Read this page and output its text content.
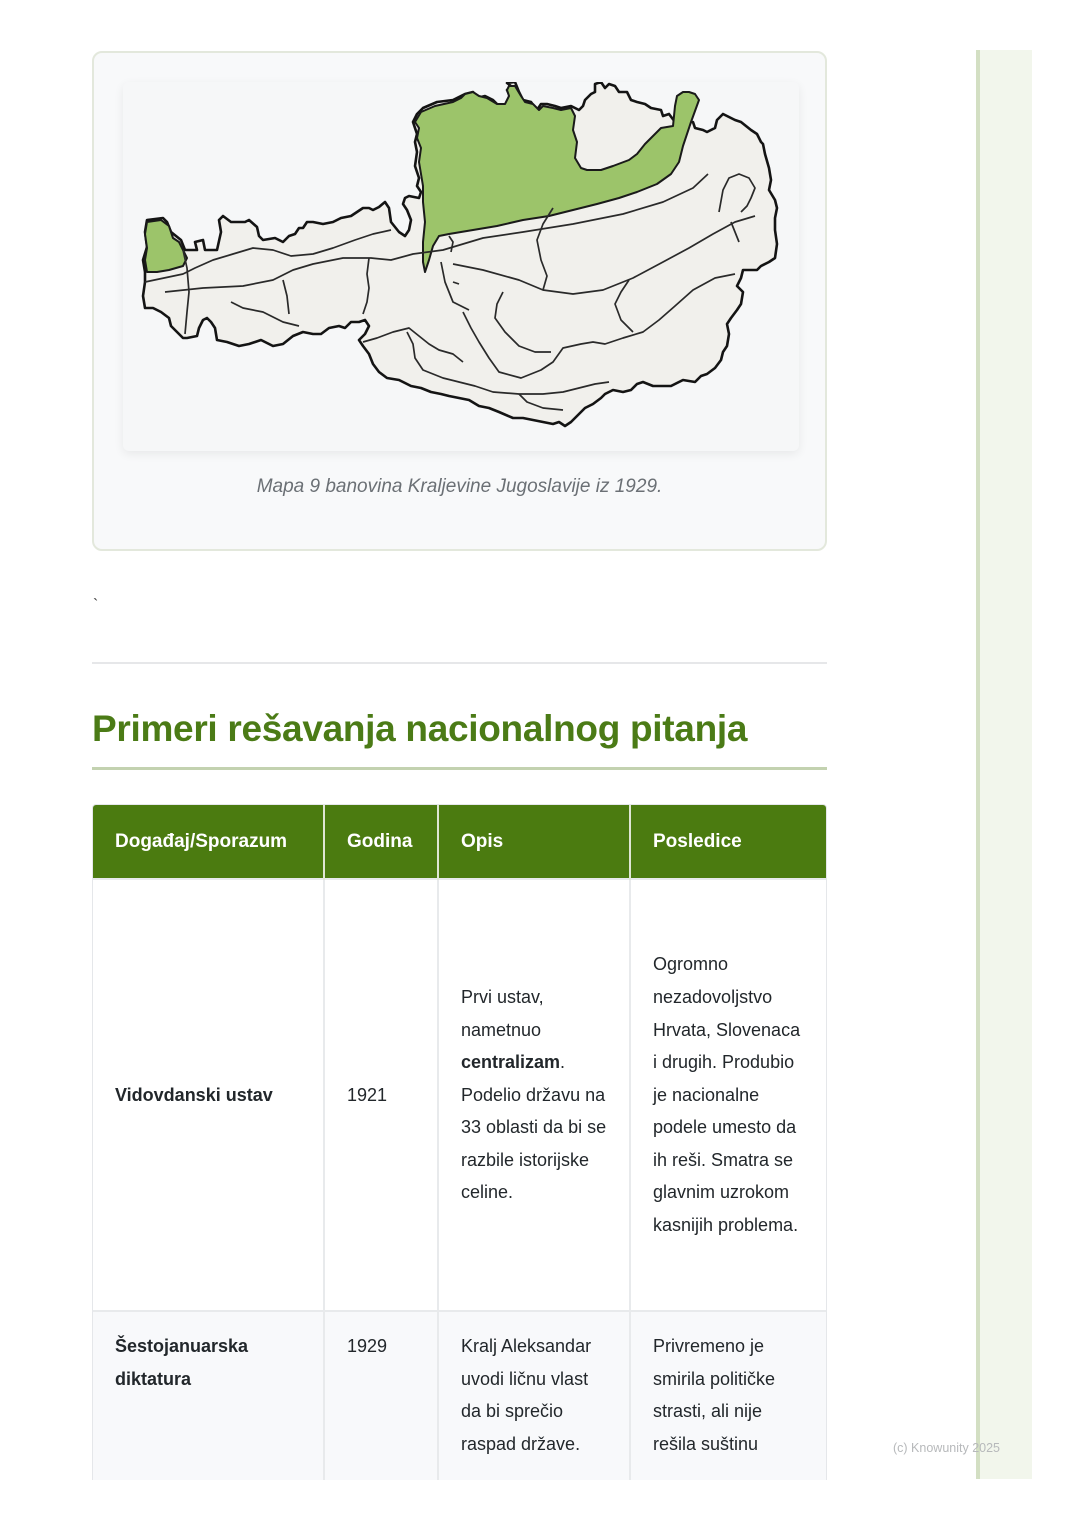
Mapa 9 banovina Kraljevine Jugoslavije iz 1929.
`
Primeri rešavanja nacionalnog pitanja
Događaj/Sporazum	Godina	Opis	Posledice
Vidovdanski ustav	1921	Prvi ustav, nametnuo centralizam. Podelio državu na 33 oblasti da bi se razbile istorijske celine.	Ogromno nezadovoljstvo Hrvata, Slovenaca i drugih. Produbio je nacionalne podele umesto da ih reši. Smatra se glavnim uzrokom kasnijih problema.
Šestojanuarska diktatura	1929	Kralj Aleksandar uvodi ličnu vlast da bi sprečio raspad države.	Privremeno je smirila političke strasti, ali nije rešila suštinu	(c) Knowunity 2025
